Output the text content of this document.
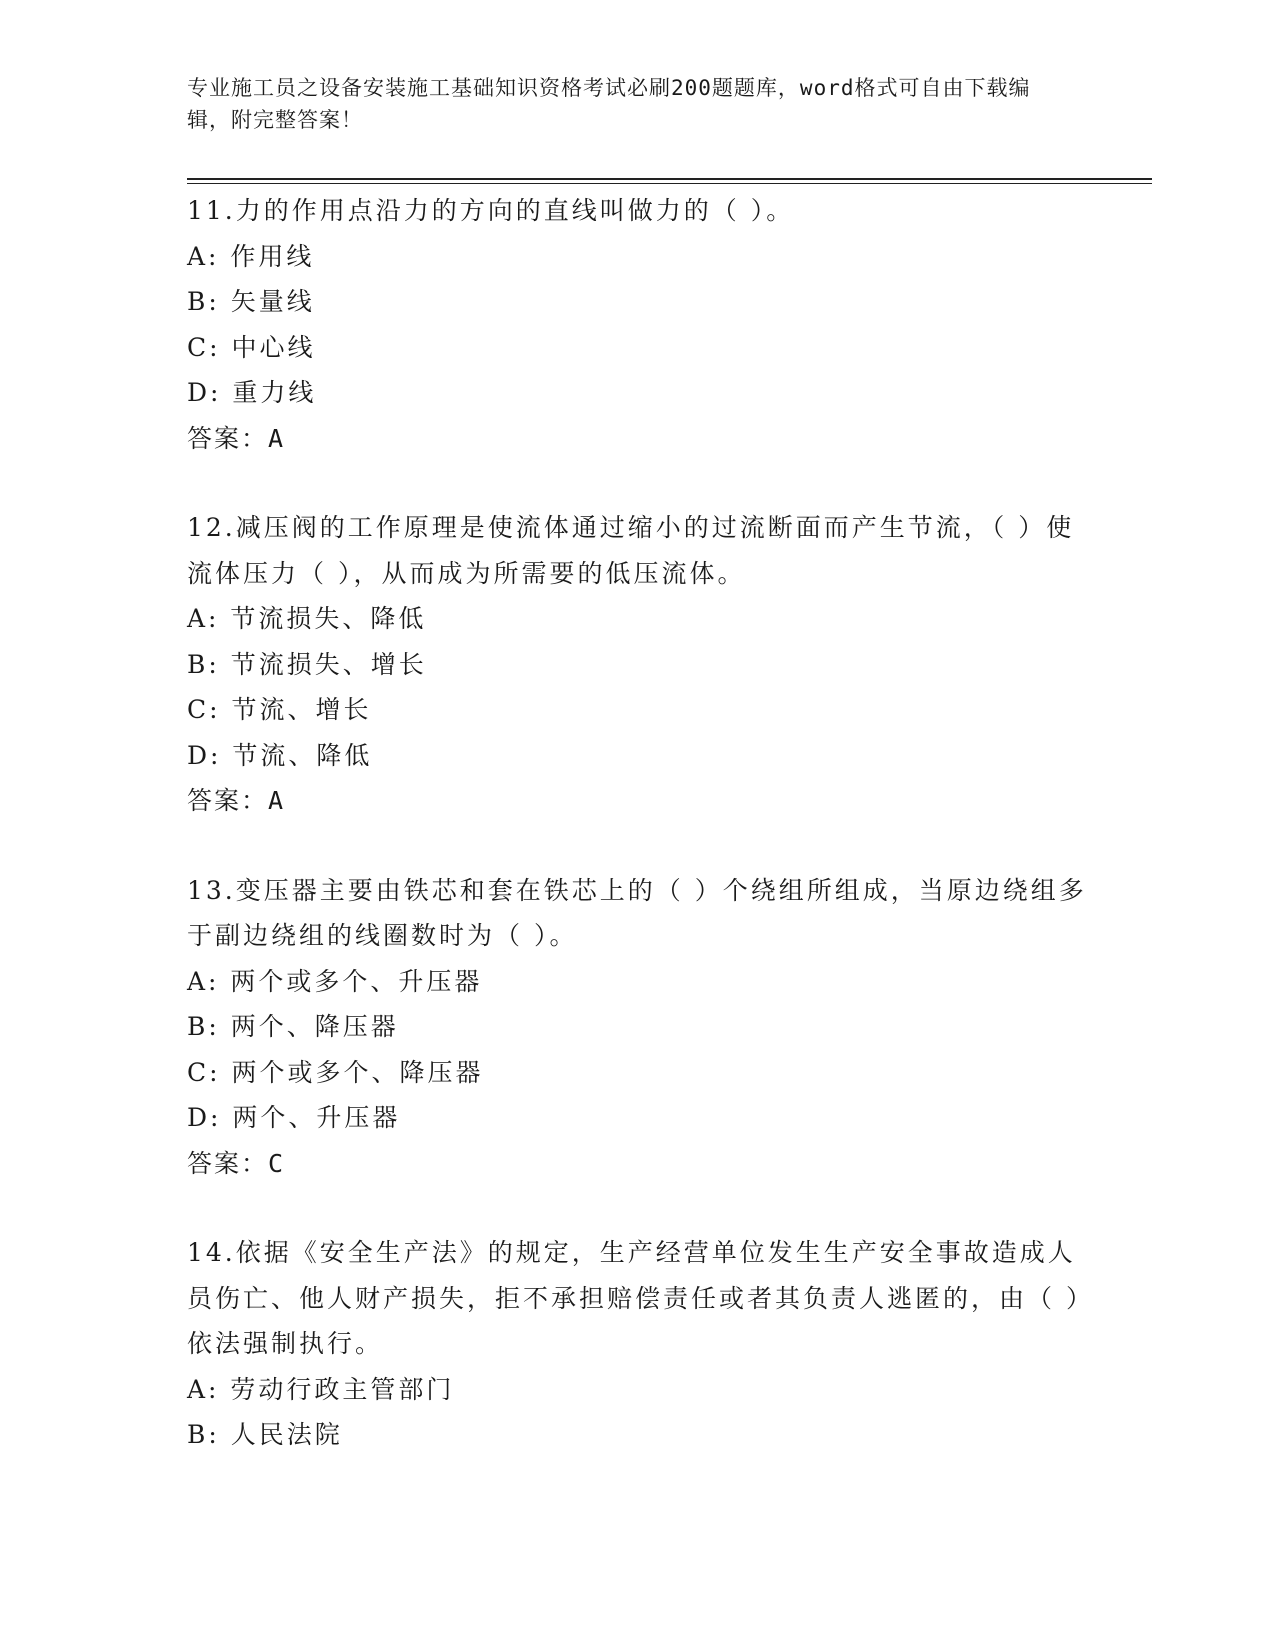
专业施工员之设备安装施工基础知识资格考试必刷200题题库，word格式可自由下载编辑，附完整答案！

11.力的作用点沿力的方向的直线叫做力的（ ）。

A: 作用线

B: 矢量线

C: 中心线

D: 重力线

答案：A

12.减压阀的工作原理是使流体通过缩小的过流断面而产生节流，（ ）使流体压力（ ），从而成为所需要的低压流体。

A: 节流损失、降低

B: 节流损失、增长

C: 节流、增长

D: 节流、降低

答案：A

13.变压器主要由铁芯和套在铁芯上的（ ）个绕组所组成，当原边绕组多于副边绕组的线圈数时为（ ）。

A: 两个或多个、升压器

B: 两个、降压器

C: 两个或多个、降压器

D: 两个、升压器

答案：C

14.依据《安全生产法》的规定，生产经营单位发生生产安全事故造成人员伤亡、他人财产损失，拒不承担赔偿责任或者其负责人逃匿的，由（ ）依法强制执行。

A: 劳动行政主管部门

B: 人民法院
